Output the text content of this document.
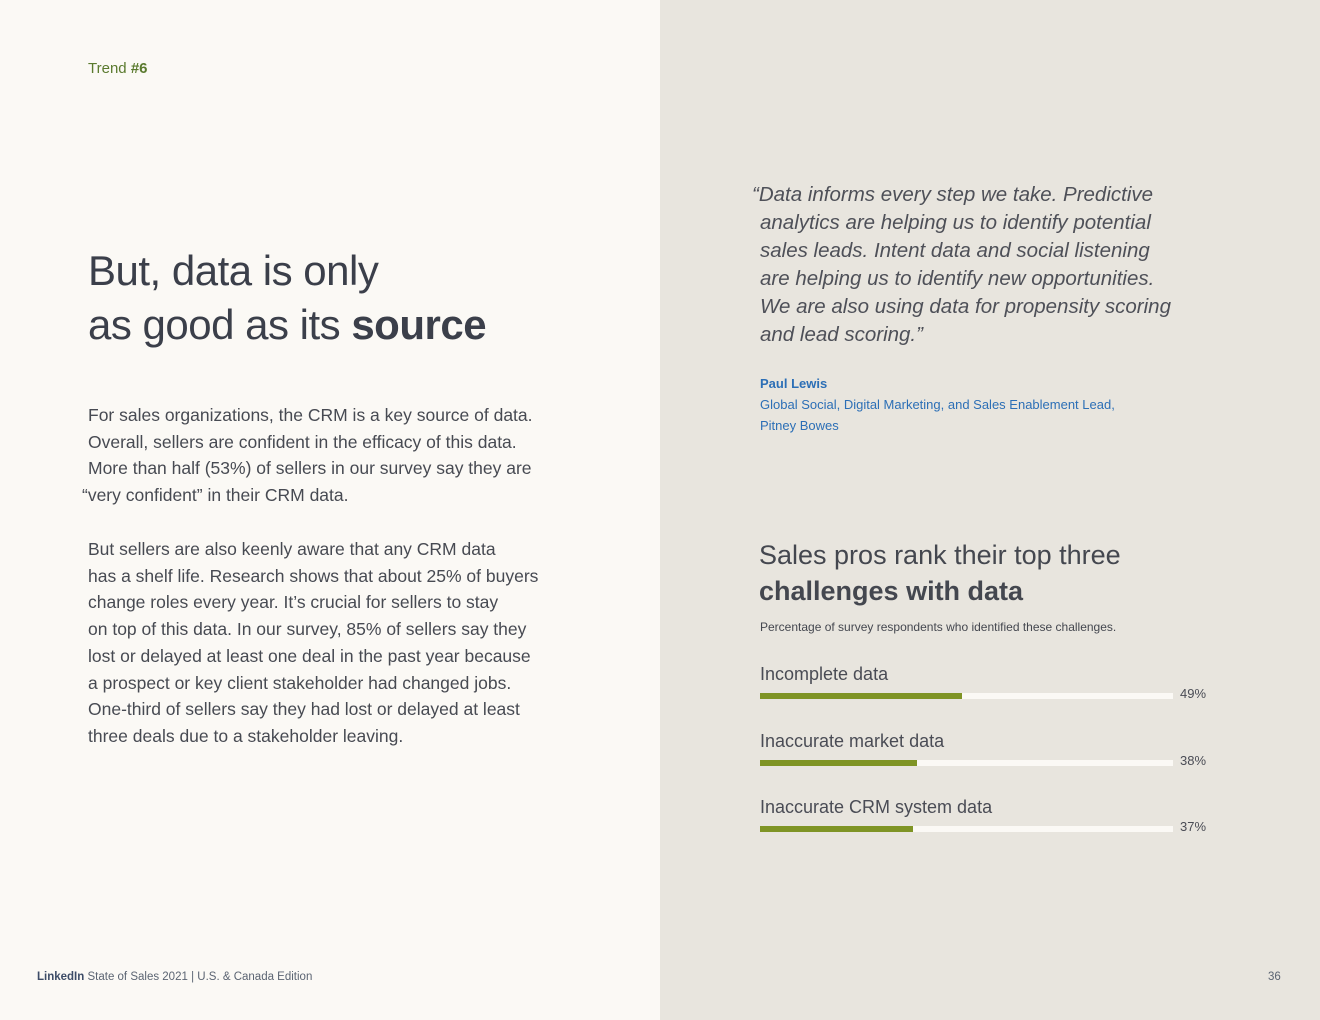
Trend #6
But, data is only
as good as its source
For sales organizations, the CRM is a key source of data.
Overall, sellers are confident in the efficacy of this data.
More than half (53%) of sellers in our survey say they are
“very confident” in their CRM data.
But sellers are also keenly aware that any CRM data
has a shelf life. Research shows that about 25% of buyers
change roles every year. It’s crucial for sellers to stay
on top of this data. In our survey, 85% of sellers say they
lost or delayed at least one deal in the past year because
a prospect or key client stakeholder had changed jobs.
One-third of sellers say they had lost or delayed at least
three deals due to a stakeholder leaving.
“Data informs every step we take. Predictive
analytics are helping us to identify potential
sales leads. Intent data and social listening
are helping us to identify new opportunities.
We are also using data for propensity scoring
and lead scoring.”
Paul Lewis
Global Social, Digital Marketing, and Sales Enablement Lead,
Pitney Bowes
Sales pros rank their top three
challenges with data
Percentage of survey respondents who identified these challenges.
Incomplete data
49%
Inaccurate market data
38%
Inaccurate CRM system data
37%
LinkedIn State of Sales 2021 | U.S. & Canada Edition	36
